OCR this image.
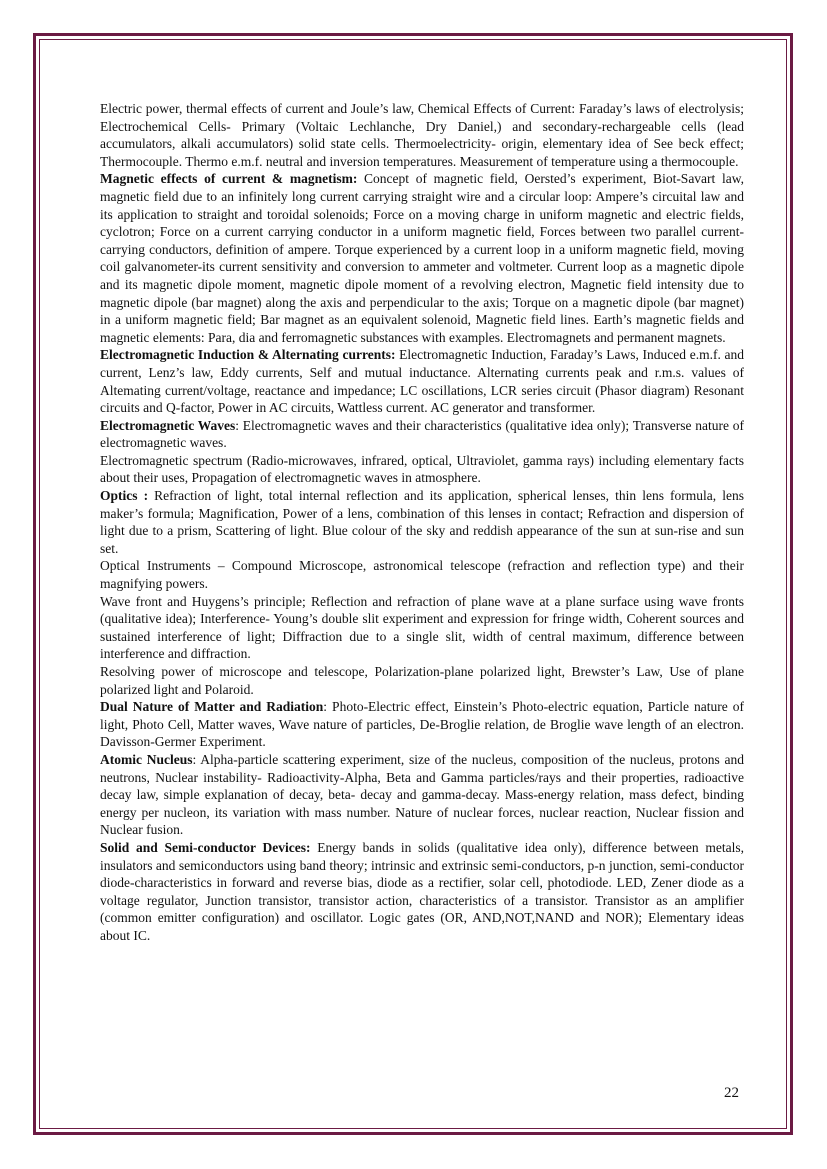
Electric power, thermal effects of current and Joule’s law, Chemical Effects of Current: Faraday’s laws of electrolysis; Electrochemical Cells- Primary (Voltaic Lechlanche, Dry Daniel,) and secondary-rechargeable cells (lead accumulators, alkali accumulators) solid state cells. Thermoelectricity- origin, elementary idea of See beck effect; Thermocouple. Thermo e.m.f. neutral and inversion temperatures. Measurement of temperature using a thermocouple.

Magnetic effects of current & magnetism: Concept of magnetic field, Oersted’s experiment, Biot-Savart law, magnetic field due to an infinitely long current carrying straight wire and a circular loop: Ampere’s circuital law and its application to straight and toroidal solenoids; Force on a moving charge in uniform magnetic and electric fields, cyclotron; Force on a current carrying conductor in a uniform magnetic field, Forces between two parallel current- carrying conductors, definition of ampere. Torque experienced by a current loop in a uniform magnetic field, moving coil galvanometer-its current sensitivity and conversion to ammeter and voltmeter. Current loop as a magnetic dipole and its magnetic dipole moment, magnetic dipole moment of a revolving electron, Magnetic field intensity due to magnetic dipole (bar magnet) along the axis and perpendicular to the axis; Torque on a magnetic dipole (bar magnet) in a uniform magnetic field; Bar magnet as an equivalent solenoid, Magnetic field lines. Earth’s magnetic fields and magnetic elements: Para, dia and ferromagnetic substances with examples. Electromagnets and permanent magnets.

Electromagnetic Induction & Alternating currents: Electromagnetic Induction, Faraday’s Laws, Induced e.m.f. and current, Lenz’s law, Eddy currents, Self and mutual inductance. Alternating currents peak and r.m.s. values of Altemating current/voltage, reactance and impedance; LC oscillations, LCR series circuit (Phasor diagram) Resonant circuits and Q-factor, Power in AC circuits, Wattless current. AC generator and transformer.

Electromagnetic Waves: Electromagnetic waves and their characteristics (qualitative idea only); Transverse nature of electromagnetic waves.

Electromagnetic spectrum (Radio-microwaves, infrared, optical, Ultraviolet, gamma rays) including elementary facts about their uses, Propagation of electromagnetic waves in atmosphere.

Optics : Refraction of light, total internal reflection and its application, spherical lenses, thin lens formula, lens maker’s formula; Magnification, Power of a lens, combination of this lenses in contact; Refraction and dispersion of light due to a prism, Scattering of light. Blue colour of the sky and reddish appearance of the sun at sun-rise and sun set.

Optical Instruments – Compound Microscope, astronomical telescope (refraction and reflection type) and their magnifying powers.

Wave front and Huygens’s principle; Reflection and refraction of plane wave at a plane surface using wave fronts (qualitative idea); Interference- Young’s double slit experiment and expression for fringe width, Coherent sources and sustained interference of light; Diffraction due to a single slit, width of central maximum, difference between interference and diffraction.

Resolving power of microscope and telescope, Polarization-plane polarized light, Brewster’s Law, Use of plane polarized light and Polaroid.

Dual Nature of Matter and Radiation: Photo-Electric effect, Einstein’s Photo-electric equation, Particle nature of light, Photo Cell, Matter waves, Wave nature of particles, De-Broglie relation, de Broglie wave length of an electron. Davisson-Germer Experiment.

Atomic Nucleus: Alpha-particle scattering experiment, size of the nucleus, composition of the nucleus, protons and neutrons, Nuclear instability- Radioactivity-Alpha, Beta and Gamma particles/rays and their properties, radioactive decay law, simple explanation of decay, beta- decay and gamma-decay. Mass-energy relation, mass defect, binding energy per nucleon, its variation with mass number. Nature of nuclear forces, nuclear reaction, Nuclear fission and Nuclear fusion.

Solid and Semi-conductor Devices: Energy bands in solids (qualitative idea only), difference between metals, insulators and semiconductors using band theory; intrinsic and extrinsic semi-conductors, p-n junction, semi-conductor diode-characteristics in forward and reverse bias, diode as a rectifier, solar cell, photodiode. LED, Zener diode as a voltage regulator, Junction transistor, transistor action, characteristics of a transistor. Transistor as an amplifier (common emitter configuration) and oscillator. Logic gates (OR, AND,NOT,NAND and NOR); Elementary ideas about IC.

22
